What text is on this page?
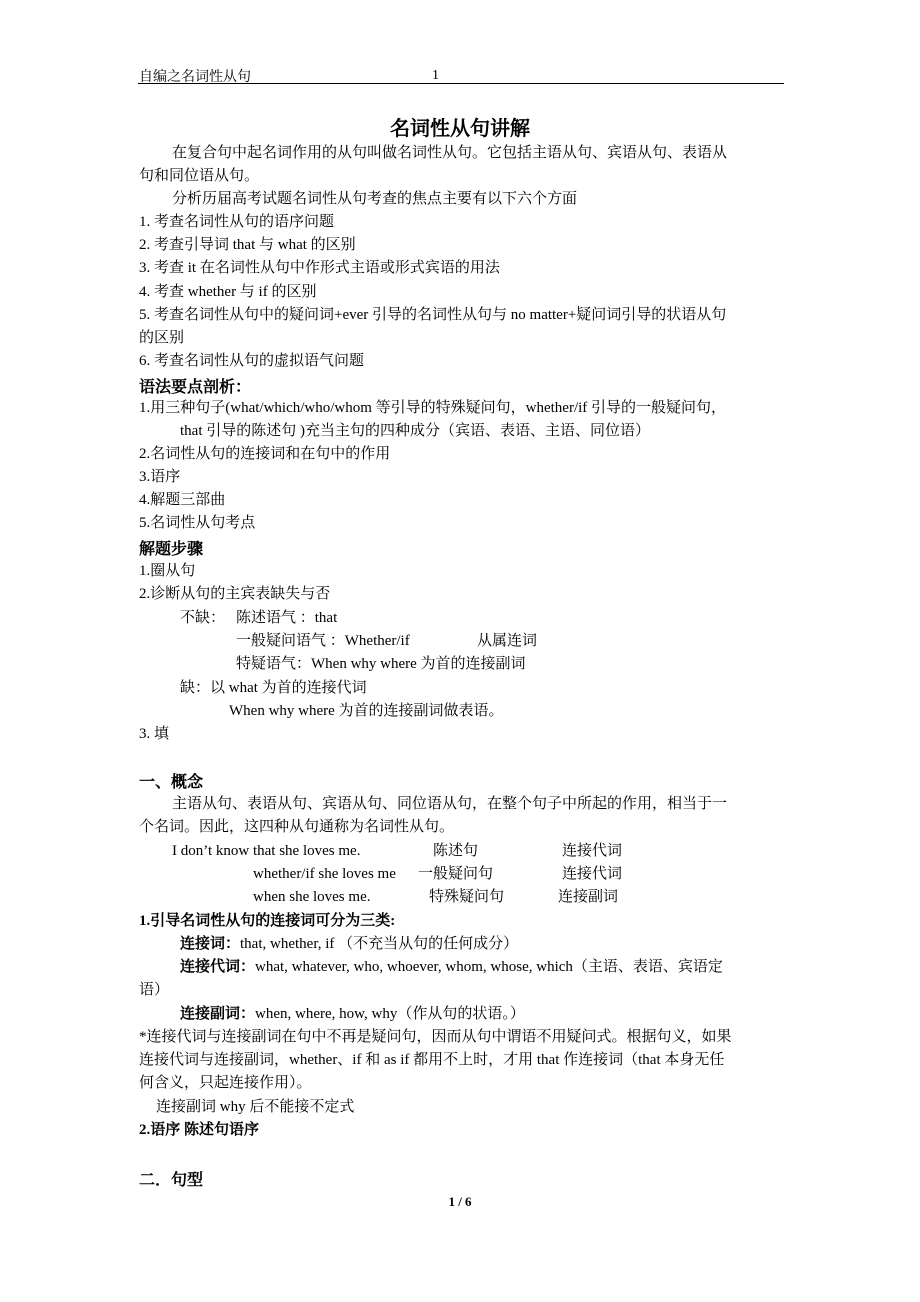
自编之名词性从句	1
名词性从句讲解
在复合句中起名词作用的从句叫做名词性从句。它包括主语从句、宾语从句、表语从
句和同位语从句。
分析历届高考试题名词性从句考查的焦点主要有以下六个方面
1. 考查名词性从句的语序问题
2. 考查引导词 that 与 what 的区别
3. 考查 it 在名词性从句中作形式主语或形式宾语的用法
4. 考查 whether 与 if 的区别
5. 考查名词性从句中的疑问词+ever 引导的名词性从句与 no matter+疑问词引导的状语从句
的区别
6. 考查名词性从句的虚拟语气问题
语法要点剖析：
1.用三种句子(what/which/who/whom 等引导的特殊疑问句，whether/if 引导的一般疑问句，
that 引导的陈述句 )充当主句的四种成分（宾语、表语、主语、同位语）
2.名词性从句的连接词和在句中的作用
3.语序
4.解题三部曲
5.名词性从句考点
解题步骤
1.圈从句
2.诊断从句的主宾表缺失与否
不缺： 陈述语气 ：that
一般疑问语气 ：Whether/if	从属连词
特疑语气：When why where 为首的连接副词
缺：以 what 为首的连接代词
When why where 为首的连接副词做表语。
3. 填
一、概念
主语从句、表语从句、宾语从句、同位语从句，在整个句子中所起的作用，相当于一
个名词。因此，这四种从句通称为名词性从句。
I don’t know that she loves me.	陈述句	连接代词
whether/if she loves me 一般疑问句	连接代词
when she loves me.	特殊疑问句	连接副词
1.引导名词性从句的连接词可分为三类:
连接词：that, whether, if （不充当从句的任何成分）
连接代词：what, whatever, who, whoever, whom, whose, which（主语、表语、宾语定
语）
连接副词：when, where, how, why（作从句的状语。）
*连接代词与连接副词在句中不再是疑问句，因而从句中谓语不用疑问式。根据句义，如果
连接代词与连接副词，whether、if 和 as if 都用不上时，才用 that 作连接词（that 本身无任
何含义，只起连接作用）。
连接副词 why 后不能接不定式
2.语序 陈述句语序
二．句型
1 / 6
